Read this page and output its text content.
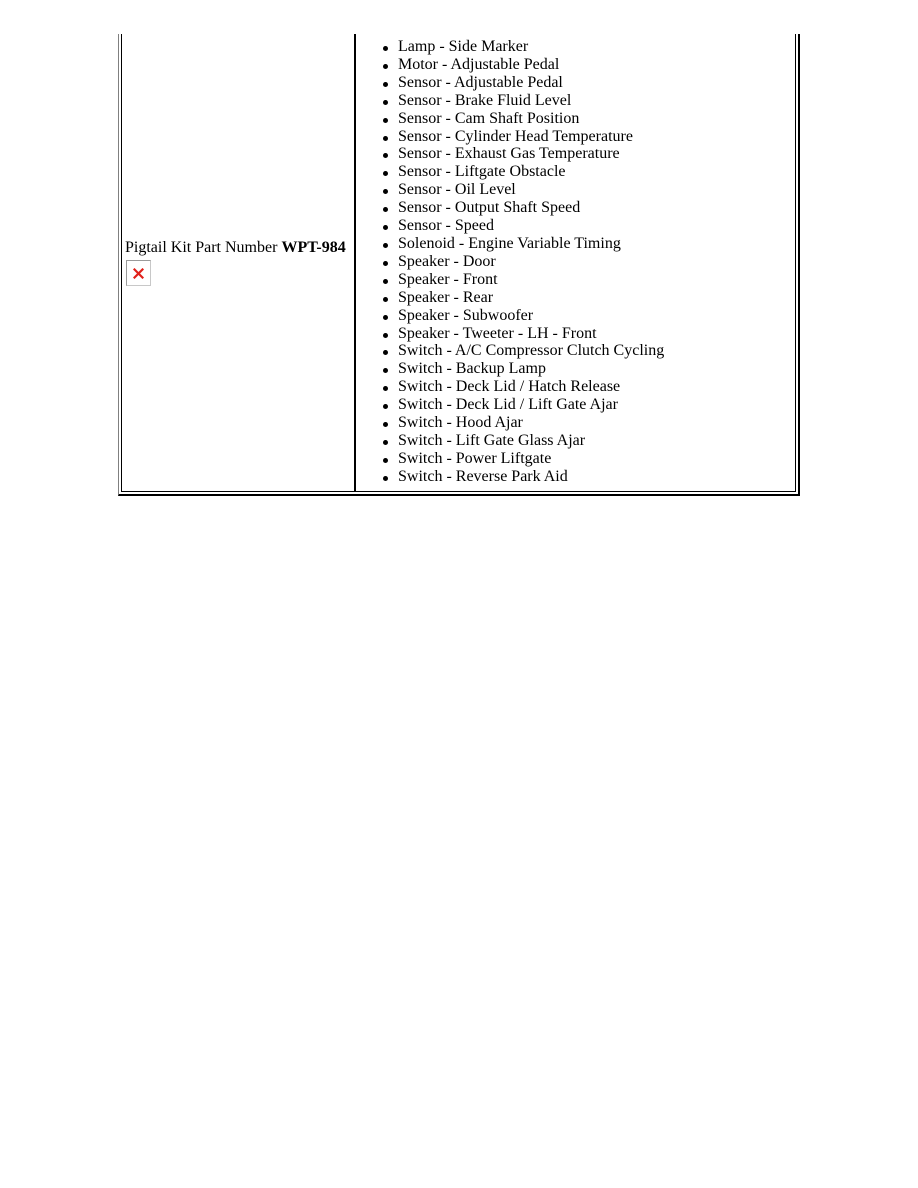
Pigtail Kit Part Number WPT-984

Lamp - Side Marker
Motor - Adjustable Pedal
Sensor - Adjustable Pedal
Sensor - Brake Fluid Level
Sensor - Cam Shaft Position
Sensor - Cylinder Head Temperature
Sensor - Exhaust Gas Temperature
Sensor - Liftgate Obstacle
Sensor - Oil Level
Sensor - Output Shaft Speed
Sensor - Speed
Solenoid - Engine Variable Timing
Speaker - Door
Speaker - Front
Speaker - Rear
Speaker - Subwoofer
Speaker - Tweeter - LH - Front
Switch - A/C Compressor Clutch Cycling
Switch - Backup Lamp
Switch - Deck Lid / Hatch Release
Switch - Deck Lid / Lift Gate Ajar
Switch - Hood Ajar
Switch - Lift Gate Glass Ajar
Switch - Power Liftgate
Switch - Reverse Park Aid
